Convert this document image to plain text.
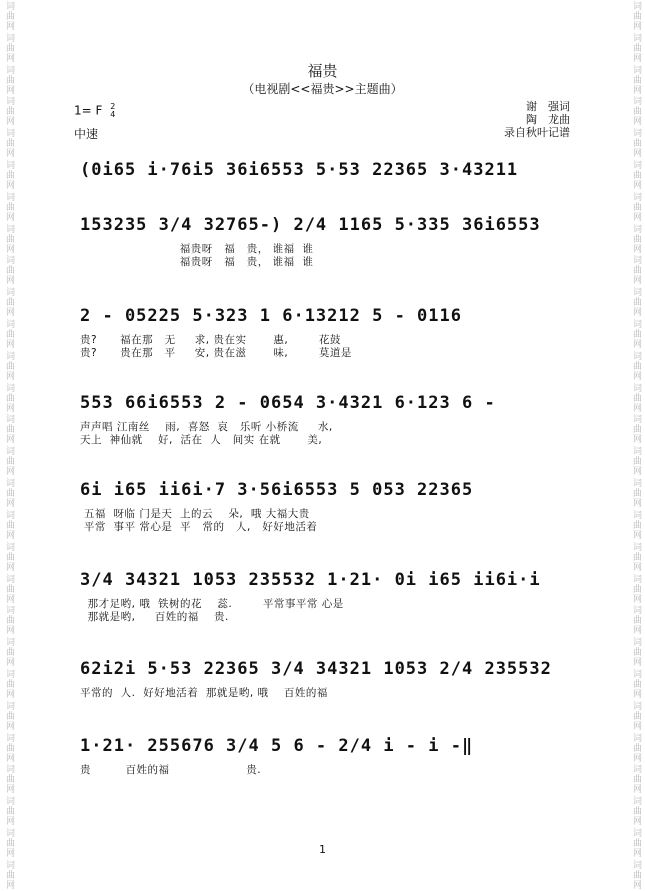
词曲网
词曲网
词曲网
词曲网
词曲网
词曲网
词曲网
词曲网
词曲网
词曲网
词曲网
词曲网
词曲网
词曲网
词曲网
词曲网
词曲网
词曲网
词曲网
词曲网
词曲网
词曲网
词曲网
词曲网
词曲网
词曲网
词曲网
词曲网
词曲网
词曲网
词曲网
词曲网
词曲网
词曲网
词曲网
词曲网
词曲网
词曲网
词曲网
词曲网
词曲网
词曲网
词曲网
词曲网
词曲网
词曲网
词曲网
词曲网
词曲网
词曲网
词曲网
词曲网
词曲网
词曲网
词曲网
词曲网
福贵
（电视剧<<福贵>>主题曲）
1= F 2
4
中速
谢　强词
陶　龙曲
录自秋叶记谱
(0i65 i·76i5 36i6553 5·53 22365 3·43211
153235 3/4 32765-) 2/4 1165 5·335 36i6553
福贵呀   福   贵， 谁福  谁
福贵呀   福   贵， 谁福  谁
2 - 05225 5·323 1 6·13212 5 - 0116
贵?      福在那   无     求, 贵在实       惠,        花鼓
贵?      贵在那   平     安, 贵在滋       味,        莫道是
553 66i6553 2 - 0654 3·4321 6·123 6 -
声声唱 江南丝    雨,  喜怒  哀   乐听 小桥流     水,
天上  神仙就    好,  活在  人   间实 在就       美,
6i i65 ii6i·7 3·56i6553 5 053 22365
五福  呀临 门是天  上的云    朵,  哦 大福大贵
平常  事平 常心是  平   常的   人,   好好地活着
3/4 34321 1053 235532 1·21· 0i i65 ii6i·i
那才足哟, 哦  铁树的花    蕊.        平常事平常 心是
那就是哟,     百姓的福    贵.
62i2i 5·53 22365 3/4 34321 1053 2/4 235532
平常的  人.  好好地活着  那就是哟, 哦    百姓的福
1·21· 255676 3/4 5 6 - 2/4 i - i -‖
贵         百姓的福                    贵.
1
